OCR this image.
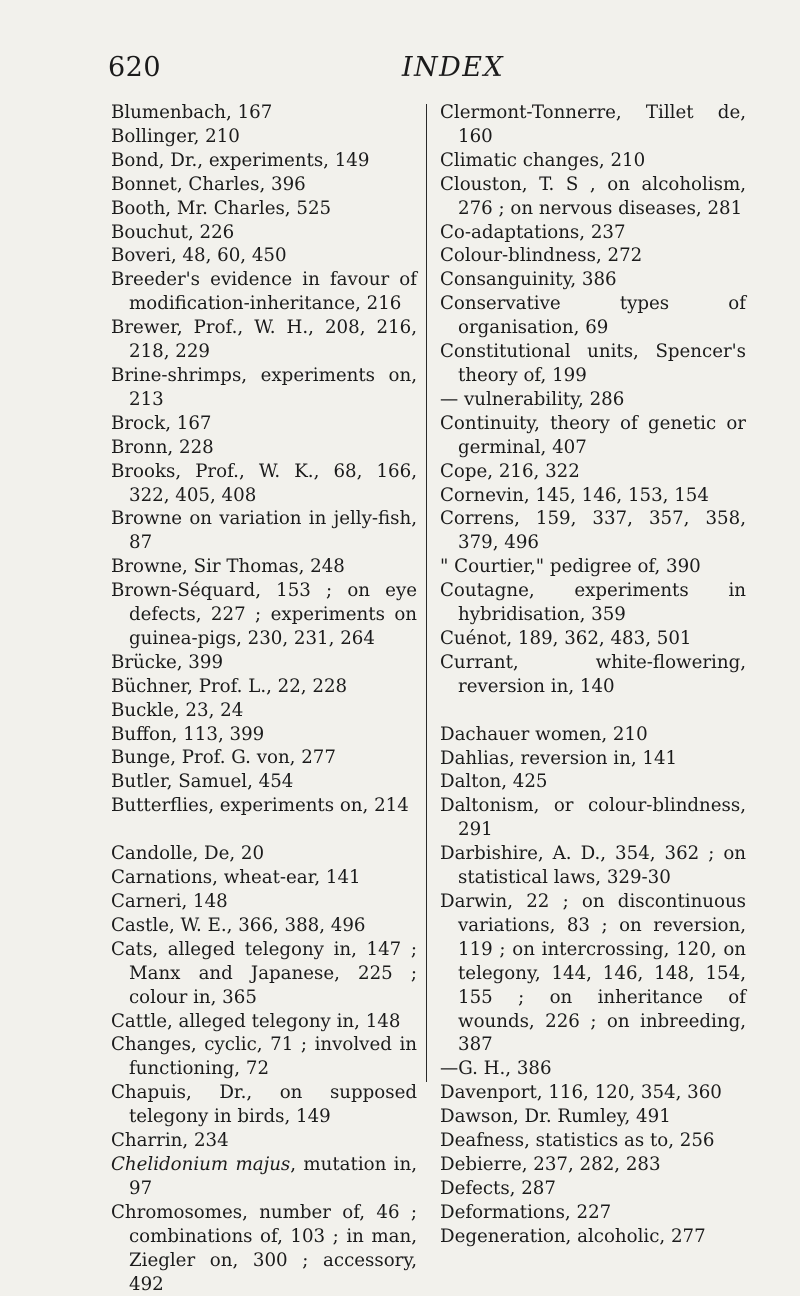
620	INDEX
Blumenbach, 167
Bollinger, 210
Bond, Dr., experiments, 149
Bonnet, Charles, 396
Booth, Mr. Charles, 525
Bouchut, 226
Boveri, 48, 60, 450
Breeder's evidence in favour of modification-inheritance, 216
Brewer, Prof., W. H., 208, 216, 218, 229
Brine-shrimps, experiments on, 213
Brock, 167
Bronn, 228
Brooks, Prof., W. K., 68, 166, 322, 405, 408
Browne on variation in jelly-fish, 87
Browne, Sir Thomas, 248
Brown-Séquard, 153 ; on eye defects, 227 ; experiments on guinea-pigs, 230, 231, 264
Brücke, 399
Büchner, Prof. L., 22, 228
Buckle, 23, 24
Buffon, 113, 399
Bunge, Prof. G. von, 277
Butler, Samuel, 454
Butterflies, experiments on, 214
Candolle, De, 20
Carnations, wheat-ear, 141
Carneri, 148
Castle, W. E., 366, 388, 496
Cats, alleged telegony in, 147 ; Manx and Japanese, 225 ; colour in, 365
Cattle, alleged telegony in, 148
Changes, cyclic, 71 ; involved in functioning, 72
Chapuis, Dr., on supposed telegony in birds, 149
Charrin, 234
Chelidonium majus, mutation in, 97
Chromosomes, number of, 46 ; combinations of, 103 ; in man, Ziegler on, 300 ; accessory, 492
Clermont-Tonnerre, Tillet de, 160
Climatic changes, 210
Clouston, T. S , on alcoholism, 276 ; on nervous diseases, 281
Co-adaptations, 237
Colour-blindness, 272
Consanguinity, 386
Conservative types of organisation, 69
Constitutional units, Spencer's theory of, 199
— vulnerability, 286
Continuity, theory of genetic or germinal, 407
Cope, 216, 322
Cornevin, 145, 146, 153, 154
Correns, 159, 337, 357, 358, 379, 496
" Courtier," pedigree of, 390
Coutagne, experiments in hybridisation, 359
Cuénot, 189, 362, 483, 501
Currant, white-flowering, reversion in, 140
Dachauer women, 210
Dahlias, reversion in, 141
Dalton, 425
Daltonism, or colour-blindness, 291
Darbishire, A. D., 354, 362 ; on statistical laws, 329-30
Darwin, 22 ; on discontinuous variations, 83 ; on reversion, 119 ; on intercrossing, 120, on telegony, 144, 146, 148, 154, 155 ; on inheritance of wounds, 226 ; on inbreeding, 387
—G. H., 386
Davenport, 116, 120, 354, 360
Dawson, Dr. Rumley, 491
Deafness, statistics as to, 256
Debierre, 237, 282, 283
Defects, 287
Deformations, 227
Degeneration, alcoholic, 277
